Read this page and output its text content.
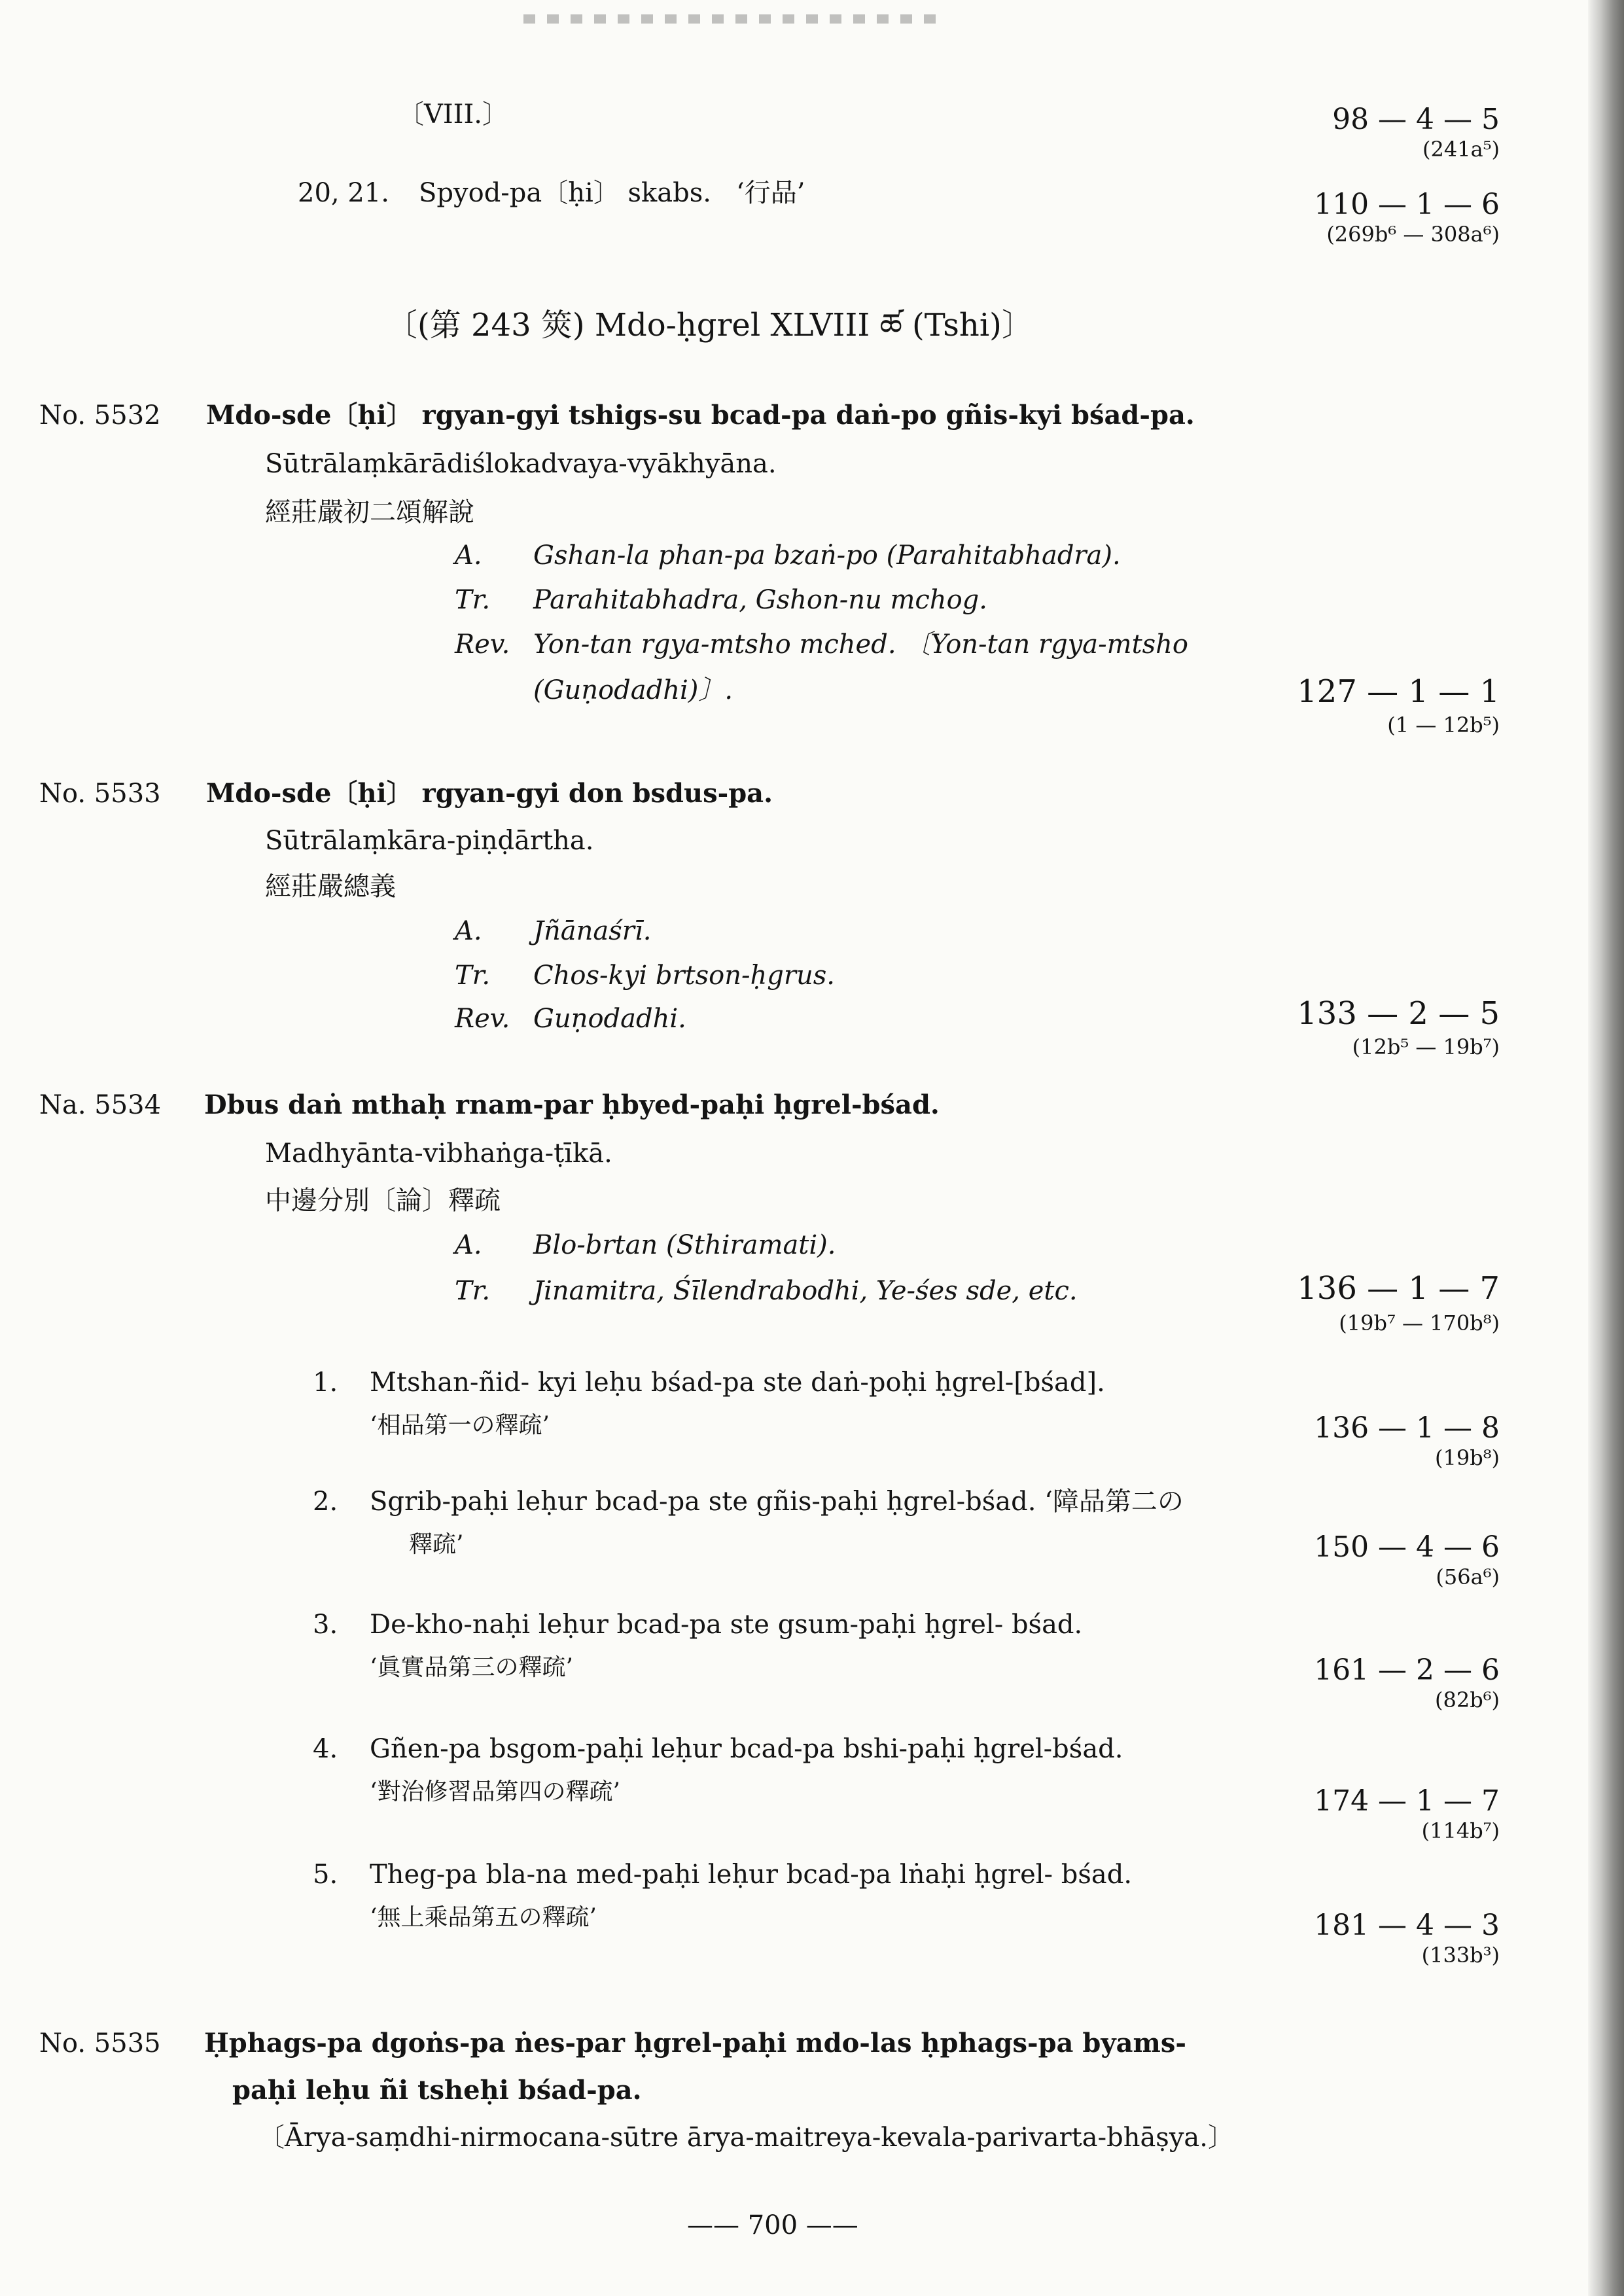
〔VIII.〕	98 — 4 — 5
(241a⁵)
20, 21. Spyod-pa〔ḥi〕 skabs. ‘行品’	110 — 1 — 6
(269b⁶ — 308a⁶)
〔(第 243 筴) Mdo-ḥgrel XLVIII ཚ (Tshi)〕
No. 5532 Mdo-sde〔ḥi〕 rgyan-gyi tshigs-su bcad-pa daṅ-po gñis-kyi bśad-pa.
Sūtrālaṃkārādiślokadvaya-vyākhyāna.
經莊嚴初二頌解說
A. Gshan-la phan-pa bzaṅ-po (Parahitabhadra).
Tr. Parahitabhadra, Gshon-nu mchog.
Rev. Yon-tan rgya-mtsho mched. 〔Yon-tan rgya-mtsho
(Guṇodadhi)〕.	127 — 1 — 1
(1 — 12b⁵)
No. 5533 Mdo-sde〔ḥi〕 rgyan-gyi don bsdus-pa.
Sūtrālaṃkāra-piṇḍārtha.
經莊嚴總義
A. Jñānaśrī.
Tr. Chos-kyi brtson-ḥgrus.
Rev. Guṇodadhi.	133 — 2 — 5
(12b⁵ — 19b⁷)
Na. 5534 Dbus daṅ mthaḥ rnam-par ḥbyed-paḥi ḥgrel-bśad.
Madhyānta-vibhaṅga-ṭīkā.
中邊分別〔論〕釋疏
A. Blo-brtan (Sthiramati).
Tr. Jinamitra, Śīlendrabodhi, Ye-śes sde, etc.	136 — 1 — 7
(19b⁷ — 170b⁸)
1. Mtshan-ñid- kyi leḥu bśad-pa ste daṅ-poḥi ḥgrel-[bśad].
‘相品第一の釋疏’	136 — 1 — 8
(19b⁸)
2. Sgrib-paḥi leḥur bcad-pa ste gñis-paḥi ḥgrel-bśad. ‘障品第二の
釋疏’	150 — 4 — 6
(56a⁶)
3. De-kho-naḥi leḥur bcad-pa ste gsum-paḥi ḥgrel- bśad.
‘眞實品第三の釋疏’	161 — 2 — 6
(82b⁶)
4. Gñen-pa bsgom-paḥi leḥur bcad-pa bshi-paḥi ḥgrel-bśad.
‘對治修習品第四の釋疏’	174 — 1 — 7
(114b⁷)
5. Theg-pa bla-na med-paḥi leḥur bcad-pa lṅaḥi ḥgrel- bśad.
‘無上乘品第五の釋疏’	181 — 4 — 3
(133b³)
No. 5535 Ḥphags-pa dgoṅs-pa ṅes-par ḥgrel-paḥi mdo-las ḥphags-pa byams-
paḥi leḥu ñi tsheḥi bśad-pa.
〔Ārya-saṃdhi-nirmocana-sūtre ārya-maitreya-kevala-parivarta-bhāṣya.〕
—— 700 ——
